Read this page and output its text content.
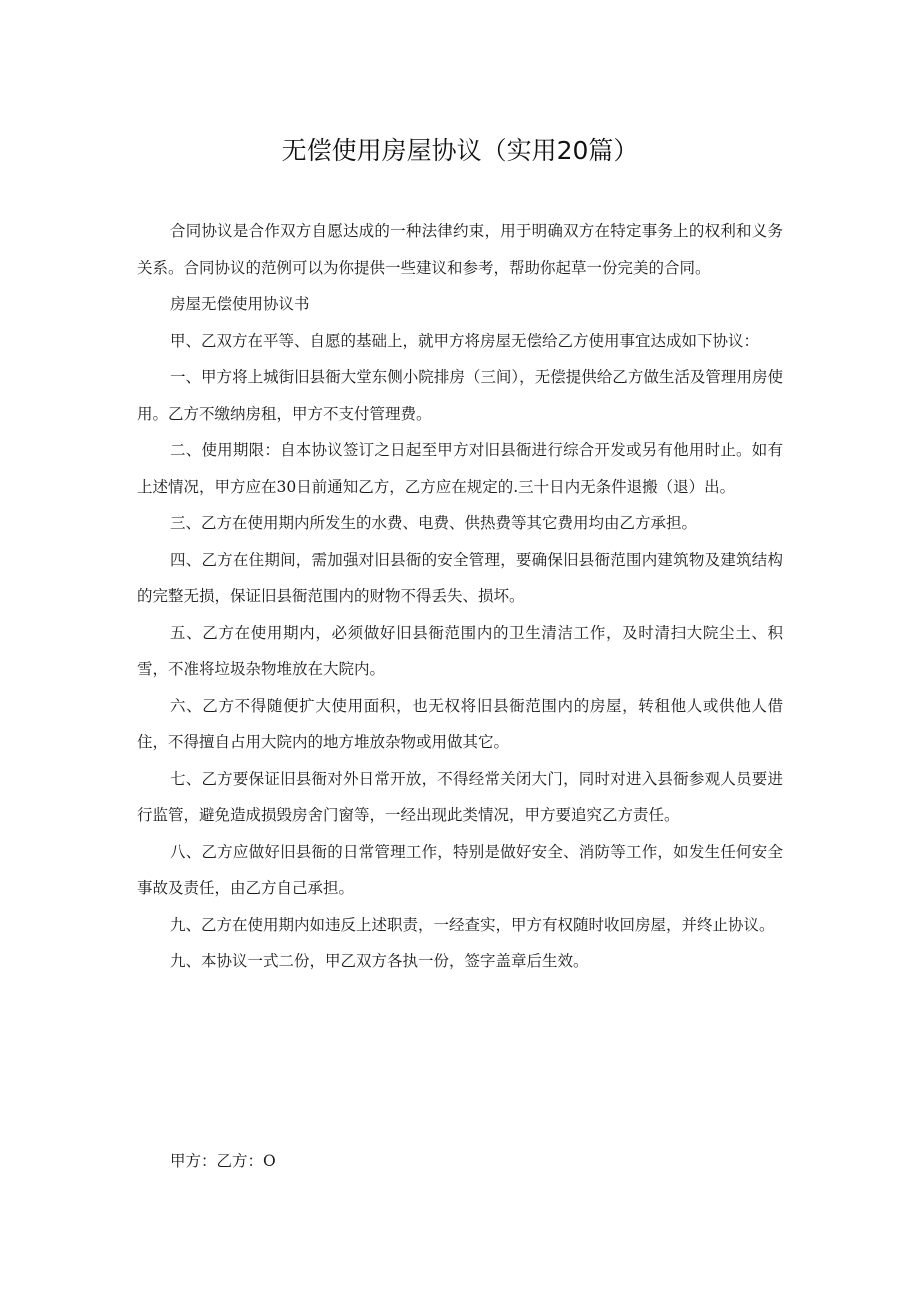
无偿使用房屋协议（实用20篇）

合同协议是合作双方自愿达成的一种法律约束，用于明确双方在特定事务上的权利和义务关系。合同协议的范例可以为你提供一些建议和参考，帮助你起草一份完美的合同。

房屋无偿使用协议书

甲、乙双方在平等、自愿的基础上，就甲方将房屋无偿给乙方使用事宜达成如下协议：

一、甲方将上城街旧县衙大堂东侧小院排房（三间），无偿提供给乙方做生活及管理用房使用。乙方不缴纳房租，甲方不支付管理费。

二、使用期限：自本协议签订之日起至甲方对旧县衙进行综合开发或另有他用时止。如有上述情况，甲方应在30日前通知乙方，乙方应在规定的.三十日内无条件退搬（退）出。

三、乙方在使用期内所发生的水费、电费、供热费等其它费用均由乙方承担。

四、乙方在住期间，需加强对旧县衙的安全管理，要确保旧县衙范围内建筑物及建筑结构的完整无损，保证旧县衙范围内的财物不得丢失、损坏。

五、乙方在使用期内，必须做好旧县衙范围内的卫生清洁工作，及时清扫大院尘土、积雪，不准将垃圾杂物堆放在大院内。

六、乙方不得随便扩大使用面积，也无权将旧县衙范围内的房屋，转租他人或供他人借住，不得擅自占用大院内的地方堆放杂物或用做其它。

七、乙方要保证旧县衙对外日常开放，不得经常关闭大门，同时对进入县衙参观人员要进行监管，避免造成损毁房舍门窗等，一经出现此类情况，甲方要追究乙方责任。

八、乙方应做好旧县衙的日常管理工作，特别是做好安全、消防等工作，如发生任何安全事故及责任，由乙方自己承担。

九、乙方在使用期内如违反上述职责，一经查实，甲方有权随时收回房屋，并终止协议。

九、本协议一式二份，甲乙双方各执一份，签字盖章后生效。

甲方：乙方：O
